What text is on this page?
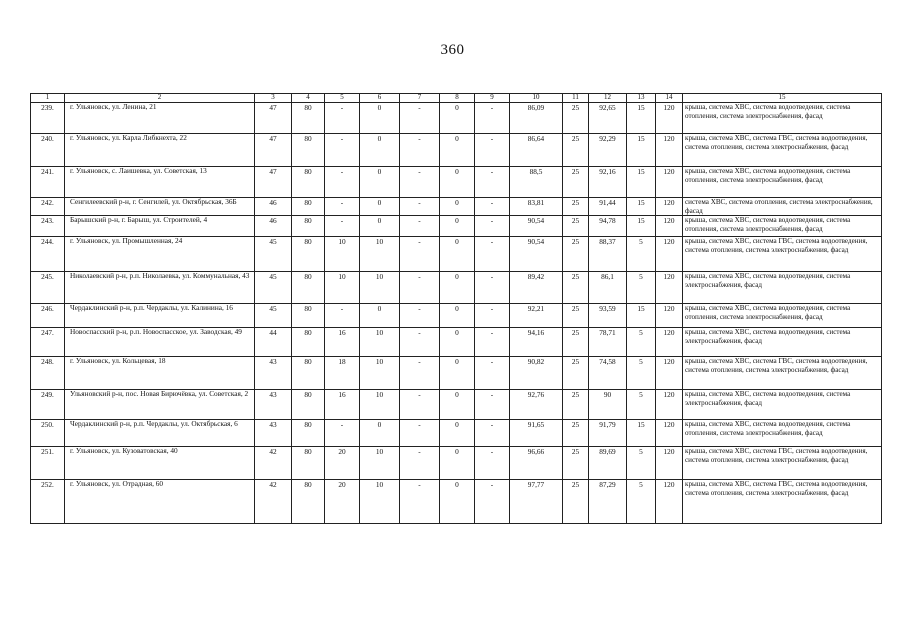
360
1	2	3	4	5	6	7	8	9	10	11	12	13	14	15
239.	г. Ульяновск, ул. Ленина, 21	47	80	-	0	-	0	-	86,09	25	92,65	15	120	крыша, система ХВС, система водоотведения, система отопления, система электроснабжения, фасад
240.	г. Ульяновск, ул. Карла Либкнехта, 22	47	80	-	0	-	0	-	86,64	25	92,29	15	120	крыша, система ХВС, система ГВС, система водоотведения, система отопления, система электроснабжения, фасад
241.	г. Ульяновск, с. Лаишевка, ул. Советская, 13	47	80	-	0	-	0	-	88,5	25	92,16	15	120	крыша, система ХВС, система водоотведения, система отопления, система электроснабжения, фасад
242.	Сенгилеевский р-н, г. Сенгилей, ул. Октябрьская, 36Б	46	80	-	0	-	0	-	83,81	25	91,44	15	120	система ХВС, система отопления, система электроснабжения, фасад
243.	Барышский р-н, г. Барыш, ул. Строителей, 4	46	80	-	0	-	0	-	90,54	25	94,78	15	120	крыша, система ХВС, система водоотведения, система отопления, система электроснабжения, фасад
244.	г. Ульяновск, ул. Промышленная, 24	45	80	10	10	-	0	-	90,54	25	88,37	5	120	крыша, система ХВС, система ГВС, система водоотведения, система отопления, система электроснабжения, фасад
245.	Николаевский р-н, р.п. Николаевка, ул. Коммунальная, 43	45	80	10	10	-	0	-	89,42	25	86,1	5	120	крыша, система ХВС, система водоотведения, система электроснабжения, фасад
246.	Чердаклинский р-н, р.п. Чердаклы, ул. Калинина, 16	45	80	-	0	-	0	-	92,21	25	93,59	15	120	крыша, система ХВС, система водоотведения, система отопления, система электроснабжения, фасад
247.	Новоспасский р-н, р.п. Новоспасское, ул. Заводская, 49	44	80	16	10	-	0	-	94,16	25	78,71	5	120	крыша, система ХВС, система водоотведения, система электроснабжения, фасад
248.	г. Ульяновск, ул. Кольцевая, 18	43	80	18	10	-	0	-	90,82	25	74,58	5	120	крыша, система ХВС, система ГВС, система водоотведения, система отопления, система электроснабжения, фасад
249.	Ульяновский р-н, пос. Новая Бирючёвка, ул. Советская, 2	43	80	16	10	-	0	-	92,76	25	90	5	120	крыша, система ХВС, система водоотведения, система электроснабжения, фасад
250.	Чердаклинский р-н, р.п. Чердаклы, ул. Октябрьская, 6	43	80	-	0	-	0	-	91,65	25	91,79	15	120	крыша, система ХВС, система водоотведения, система отопления, система электроснабжения, фасад
251.	г. Ульяновск, ул. Кузоватовская, 40	42	80	20	10	-	0	-	96,66	25	89,69	5	120	крыша, система ХВС, система ГВС, система водоотведения, система отопления, система электроснабжения, фасад
252.	г. Ульяновск, ул. Отрадная, 60	42	80	20	10	-	0	-	97,77	25	87,29	5	120	крыша, система ХВС, система ГВС, система водоотведения, система отопления, система электроснабжения, фасад
